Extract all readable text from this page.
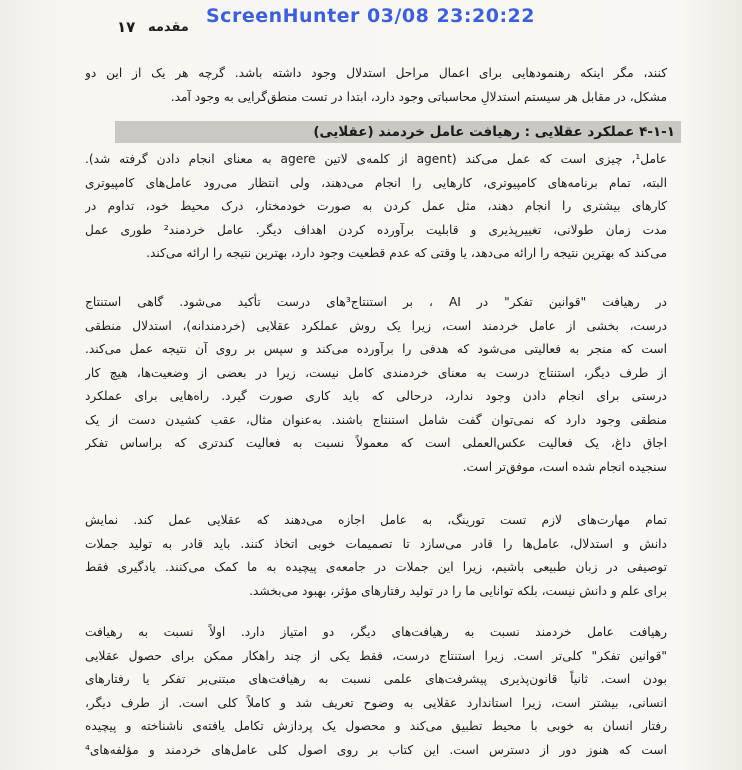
ScreenHunter 03/08 23:20:22
۱۷ مقدمه
کنند، مگر اینکه رهنمودهایی برای اعمال مراحل استدلال وجود داشته باشد. گرچه هر یک از این دو
مشکل، در مقابل هر سیستم استدلالِ محاسباتی وجود دارد، ابتدا در تست منطق‌گرایی به وجود آمد.
۴-۱-۱ عملکرد عقلایی : رهیافت عامل خردمند (عقلایی)
عامل¹، چیزی است که عمل می‌کند (agent از کلمه‌ی لاتین agere به معنای انجام دادن گرفته شد).
البته، تمام برنامه‌های کامپیوتری، کارهایی را انجام می‌دهند، ولی انتظار می‌رود عامل‌های کامپیوتری
کارهای بیشتری را انجام دهند، مثل عمل کردن به صورت خودمختار، درک محیط خود، تداوم در
مدت زمان طولانی، تغییرپذیری و قابلیت برآورده کردن اهداف دیگر. عامل خردمند² طوری عمل
می‌کند که بهترین نتیجه را ارائه می‌دهد، یا وقتی که عدم قطعیت وجود دارد، بهترین نتیجه را ارائه می‌کند.
در رهیافت "قوانین تفکر" در AI ، بر استنتاج³های درست تأکید می‌شود. گاهی استنتاج
درست، بخشی از عامل خردمند است، زیرا یک روش عملکرد عقلایی (خردمندانه)، استدلال منطقی
است که منجر به فعالیتی می‌شود که هدفی را برآورده می‌کند و سپس بر روی آن نتیجه عمل می‌کند.
از طرف دیگر، استنتاج درست به معنای خردمندی کامل نیست، زیرا در بعضی از وضعیت‌ها، هیچ کار
درستی برای انجام دادن وجود ندارد، درحالی که باید کاری صورت گیرد. راه‌هایی برای عملکرد
منطقی وجود دارد که نمی‌توان گفت شامل استنتاج باشند. به‌عنوان مثال، عقب کشیدن دست از یک
اجاق داغ، یک فعالیت عکس‌العملی است که معمولاً نسبت به فعالیت کندتری که براساس تفکر
سنجیده انجام شده است، موفق‌تر است.
تمام مهارت‌های لازم تست تورینگ، به عامل اجازه می‌دهند که عقلایی عمل کند. نمایش
دانش و استدلال، عامل‌ها را قادر می‌سازد تا تصمیمات خوبی اتخاذ کنند. باید قادر به تولید جملات
توصیفی در زبان طبیعی باشیم، زیرا این جملات در جامعه‌ی پیچیده به ما کمک می‌کنند. یادگیری فقط
برای علم و دانش نیست، بلکه توانایی ما را در تولید رفتارهای مؤثر، بهبود می‌بخشد.
رهیافت عامل خردمند نسبت به رهیافت‌های دیگر، دو امتیاز دارد. اولاً نسبت به رهیافت
"قوانین تفکر" کلی‌تر است. زیرا استنتاج درست، فقط یکی از چند راهکار ممکن برای حصول عقلایی
بودن است. ثانیاً قانون‌پذیری پیشرفت‌های علمی نسبت به رهیافت‌های مبتنی‌بر تفکر یا رفتارهای
انسانی، بیشتر است، زیرا استاندارد عقلایی به وضوح تعریف شد و کاملاً کلی است. از طرف دیگر،
رفتار انسان به خوبی با محیط تطبیق می‌کند و محصول یک پردازش تکامل یافته‌ی ناشناخته و پیچیده
است که هنوز دور از دسترس است. این کتاب بر روی اصول کلی عامل‌های خردمند و مؤلفه‌های⁴
